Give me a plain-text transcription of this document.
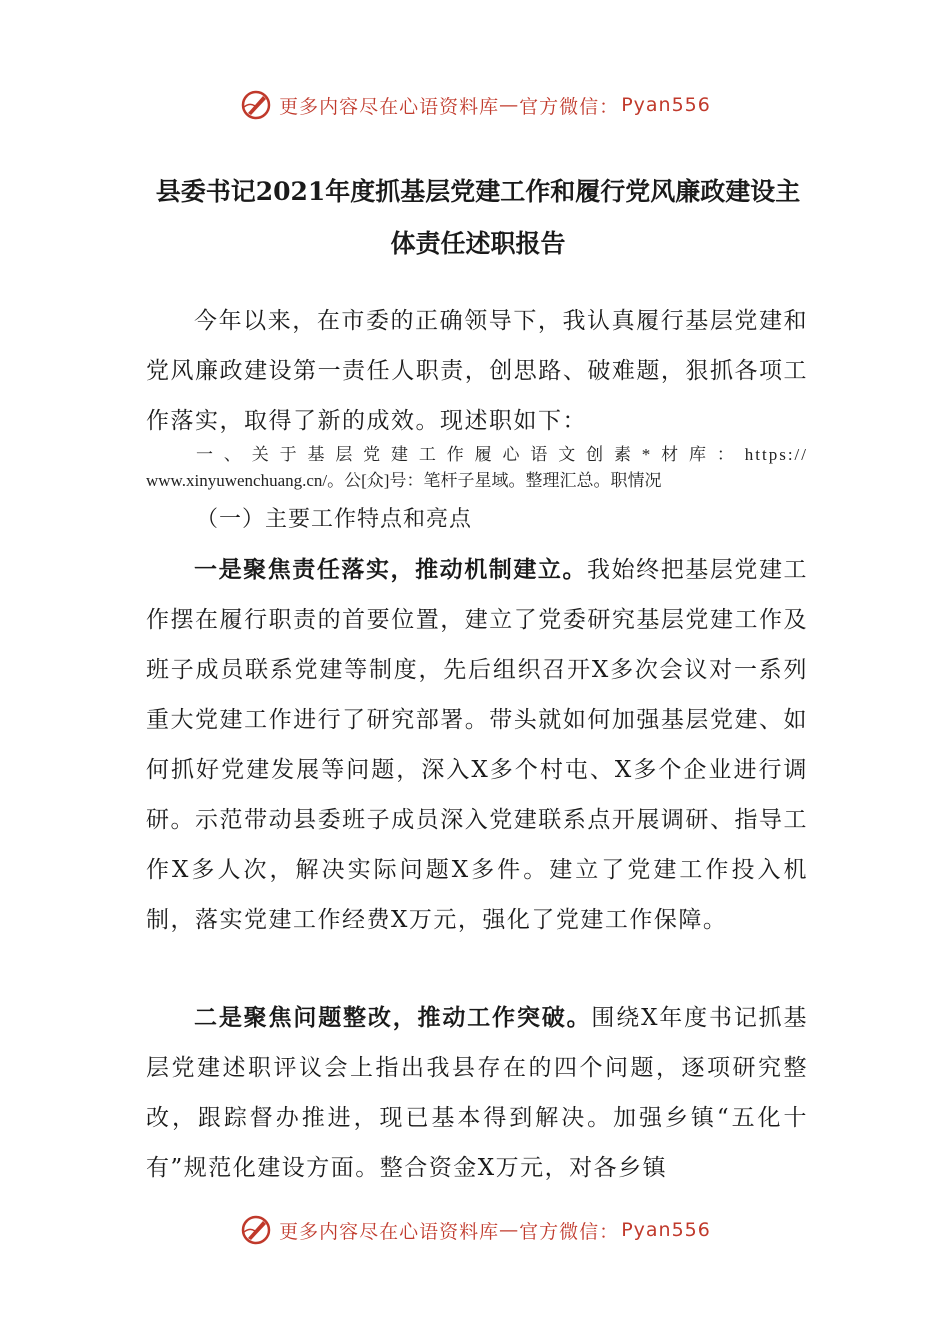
更多内容尽在心语资料库 — 官方微信： Pyan556
县委书记2021年度抓基层党建工作和履行党风廉政建设主
体责任述职报告
今年以来，在市委的正确领导下，我认真履行基层党建和党风廉政建设第一责任人职责，创思路、破难题，狠抓各项工作落实，取得了新的成效。现述职如下：
一、关于基层党建工作履心语文创素*材库：https://
www.xinyuwenchuang.cn/。公[众]号：笔杆子星域。整理汇总。职情况
（一）主要工作特点和亮点
一是聚焦责任落实，推动机制建立。我始终把基层党建工作摆在履行职责的首要位置，建立了党委研究基层党建工作及班子成员联系党建等制度，先后组织召开X多次会议对一系列重大党建工作进行了研究部署。带头就如何加强基层党建、如何抓好党建发展等问题，深入X多个村屯、X多个企业进行调研。示范带动县委班子成员深入党建联系点开展调研、指导工作X多人次，解决实际问题X多件。建立了党建工作投入机制，落实党建工作经费X万元，强化了党建工作保障。
二是聚焦问题整改，推动工作突破。围绕X年度书记抓基层党建述职评议会上指出我县存在的四个问题，逐项研究整改，跟踪督办推进，现已基本得到解决。加强乡镇“五化十有”规范化建设方面。整合资金X万元，对各乡镇
更多内容尽在心语资料库 — 官方微信： Pyan556
